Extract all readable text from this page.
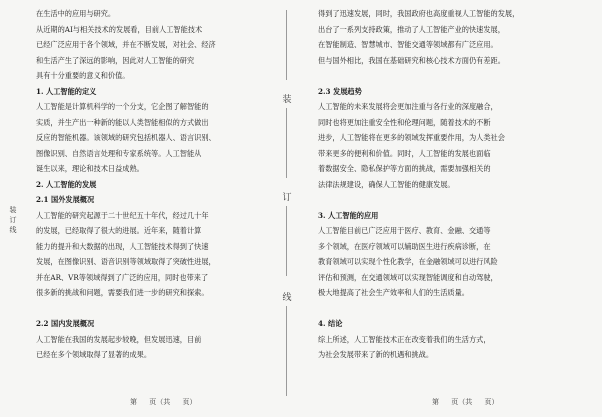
装
订
线
在生活中的应用与研究。
从近期的AI与相关技术的发展看，目前人工智能技术
已经广泛应用于各个领域，并在不断发展，对社会、经济
和生活产生了深远的影响，因此对人工智能的研究
具有十分重要的意义和价值。
1. 人工智能的定义
人工智能是计算机科学的一个分支，它企图了解智能的
实质，并生产出一种新的能以人类智能相似的方式做出
反应的智能机器。该领域的研究包括机器人、语言识别、
图像识别、自然语言处理和专家系统等。人工智能从
诞生以来，理论和技术日益成熟。
2. 人工智能的发展
2.1 国外发展概况
人工智能的研究起源于二十世纪五十年代，经过几十年
的发展，已经取得了很大的进展。近年来，随着计算
能力的提升和大数据的出现，人工智能技术得到了快速
发展，在图像识别、语音识别等领域取得了突破性进展，
并在AR、VR等领域得到了广泛的应用，同时也带来了
很多新的挑战和问题，需要我们进一步的研究和探索。
2.2 国内发展概况
人工智能在我国的发展起步较晚，但发展迅速，目前
已经在多个领域取得了显著的成果。
第 页（共 页）
装
订
线
得到了迅速发展，同时，我国政府也高度重视人工智能的发展，
出台了一系列支持政策，推动了人工智能产业的快速发展，
在智能制造、智慧城市、智能交通等领域都有广泛应用。
但与国外相比，我国在基础研究和核心技术方面仍有差距。
2.3 发展趋势
人工智能的未来发展将会更加注重与各行业的深度融合，
同时也将更加注重安全性和伦理问题，随着技术的不断
进步，人工智能将在更多的领域发挥重要作用，为人类社会
带来更多的便利和价值。同时，人工智能的发展也面临
着数据安全、隐私保护等方面的挑战，需要加强相关的
法律法规建设，确保人工智能的健康发展。
3. 人工智能的应用
人工智能目前已广泛应用于医疗、教育、金融、交通等
多个领域，在医疗领域可以辅助医生进行疾病诊断，在
教育领域可以实现个性化教学，在金融领域可以进行风险
评估和预测，在交通领域可以实现智能调度和自动驾驶，
极大地提高了社会生产效率和人们的生活质量。
4. 结论
综上所述，人工智能技术正在改变着我们的生活方式，
为社会发展带来了新的机遇和挑战。
第 页（共 页）
